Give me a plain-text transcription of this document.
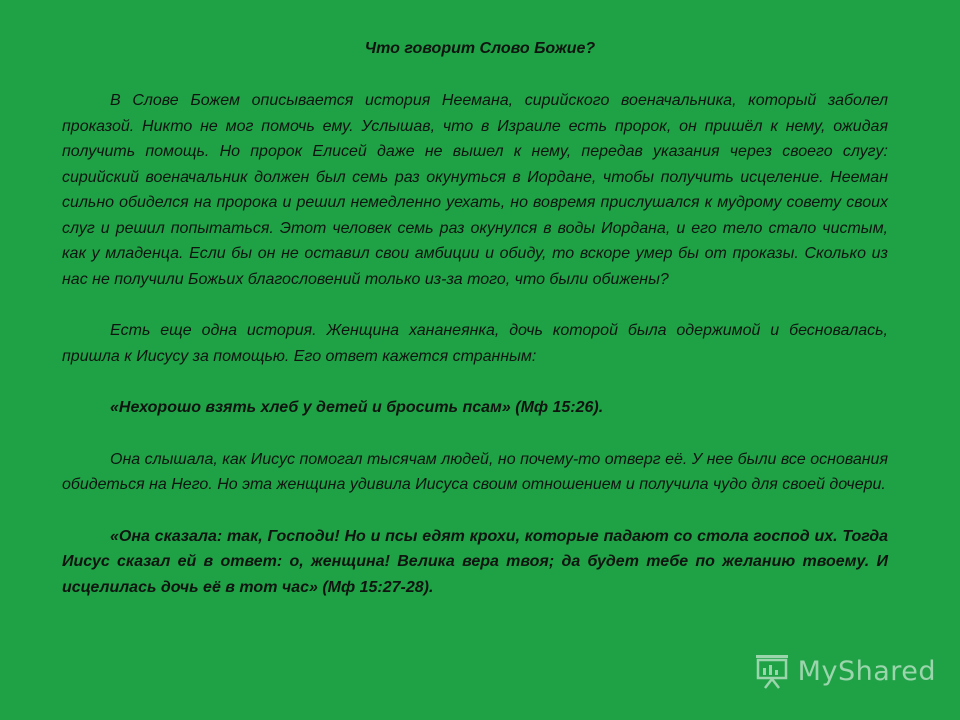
Что говорит Слово Божие?

В Слове Божем описывается история Неемана, сирийского военачальника, который заболел проказой. Никто не мог помочь ему. Услышав, что в Израиле есть пророк, он пришёл к нему, ожидая получить помощь. Но пророк Елисей даже не вышел к нему, передав указания через своего слугу: сирийский военачальник должен был семь раз окунуться в Иордане, чтобы получить исцеление. Нееман сильно обиделся на пророка и решил немедленно уехать, но вовремя прислушался к мудрому совету своих слуг и решил попытаться. Этот человек семь раз окунулся в воды Иордана, и его тело стало чистым, как у младенца. Если бы он не оставил свои амбиции и обиду, то вскоре умер бы от проказы. Сколько из нас не получили Божьих благословений только из-за того, что были обижены?

Есть еще одна история. Женщина хананеянка, дочь которой была одержимой и бесновалась, пришла к Иисусу за помощью. Его ответ кажется странным:

«Нехорошо взять хлеб у детей и бросить псам» (Мф 15:26).

Она слышала, как Иисус помогал тысячам людей, но почему-то отверг её. У нее были все основания обидеться на Него. Но эта женщина удивила Иисуса своим отношением и получила чудо для своей дочери.

«Она сказала: так, Господи! Но и псы едят крохи, которые падают со стола господ их. Тогда Иисус сказал ей в ответ: о, женщина! Велика вера твоя; да будет тебе по желанию твоему. И исцелилась дочь её в тот час» (Мф 15:27-28).

MyShared
